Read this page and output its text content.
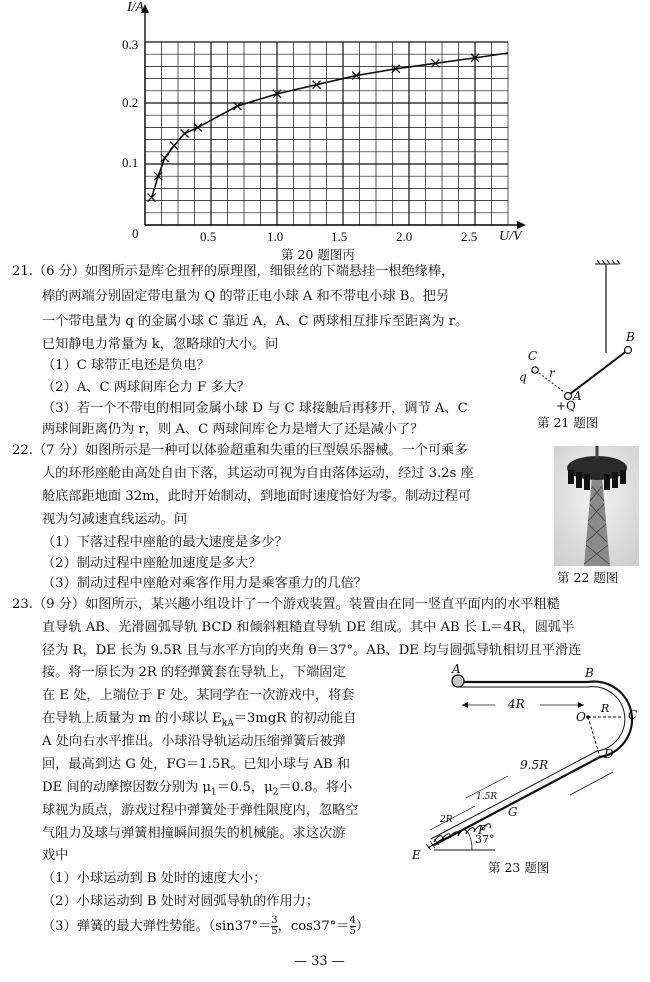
I/A
U/V
0
0.3
0.2
0.1
0.5	1.0	1.5	2.0	2.5
第 20 题图丙
21.（6 分）如图所示是库仑扭秤的原理图，细银丝的下端悬挂一根绝缘棒，
棒的两端分别固定带电量为 Q 的带正电小球 A 和不带电小球 B。把另
一个带电量为 q 的金属小球 C 靠近 A，A、C 两球相互排斥至距离为 r。
已知静电力常量为 k，忽略球的大小。问
（1）C 球带正电还是负电？
（2）A、C 两球间库仑力 F 多大？
（3）若一个不带电的相同金属小球 D 与 C 球接触后再移开，调节 A、C
两球间距离仍为 r，则 A、C 两球间库仑力是增大了还是减小了？
C
q r
A
B
+Q
第 21 题图
22.（7 分）如图所示是一种可以体验超重和失重的巨型娱乐器械。一个可乘多
人的环形座舱由高处自由下落，其运动可视为自由落体运动，经过 3.2s 座
舱底部距地面 32m，此时开始制动，到地面时速度恰好为零。制动过程可
视为匀减速直线运动。问
（1）下落过程中座舱的最大速度是多少？
（2）制动过程中座舱加速度是多大？
（3）制动过程中座舱对乘客作用力是乘客重力的几倍？	第 22 题图
23.（9 分）如图所示，某兴趣小组设计了一个游戏装置。装置由在同一竖直平面内的水平粗糙
直导轨 AB、光滑圆弧导轨 BCD 和倾斜粗糙直导轨 DE 组成。其中 AB 长 L＝4R，圆弧半
径为 R，DE 长为 9.5R 且与水平方向的夹角 θ＝37°。AB、DE 均与圆弧导轨相切且平滑连
接。将一原长为 2R 的轻弹簧套在导轨上，下端固定
在 E 处，上端位于 F 处。某同学在一次游戏中，将套
在导轨上质量为 m 的小球以 $E_{kA}=3mgR$ 的初动能自
A 处向右水平推出。小球沿导轨运动压缩弹簧后被弹
回，最高到达 G 处，FG＝1.5R。已知小球与 AB 和
DE 间的动摩擦因数分别为 $\mu_1=0.5$，$\mu_2=0.8$。将小
球视为质点，游戏过程中弹簧处于弹性限度内，忽略空
气阻力及球与弹簧相撞瞬间损失的机械能。求这次游
戏中
（1）小球运动到 B 处时的速度大小；
（2）小球运动到 B 处时对圆弧导轨的作用力；
（3）弹簧的最大弹性势能。（$\sin 37^\circ= \frac{3}{5}$ ，$\cos 37^\circ= \frac{4}{5}$ ）
A	B
C
D
O
R
4R
9.5R
1.5R
2R
G
F
E
37°
第 23 题图
— 33 —
